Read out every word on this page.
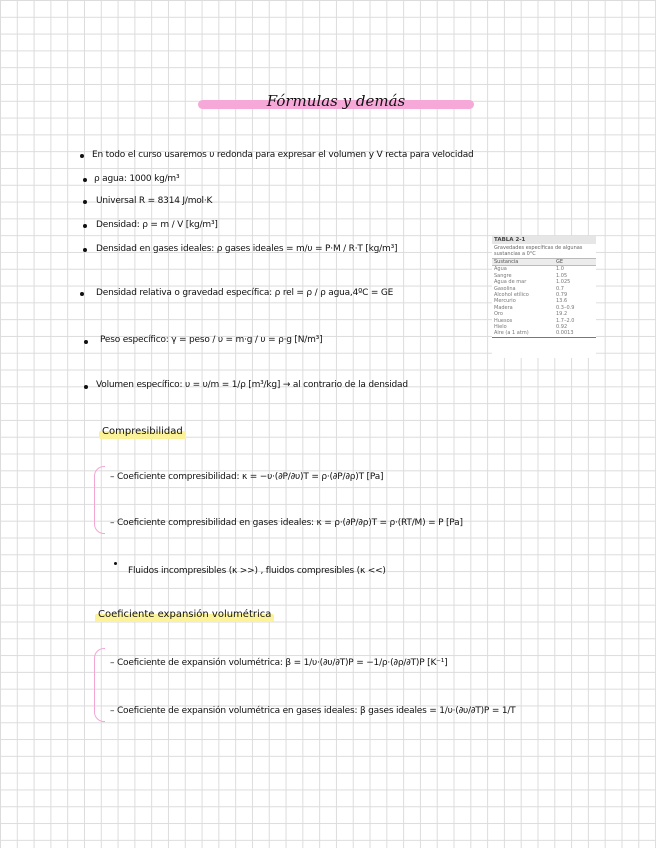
Fórmulas y demás
En todo el curso usaremos υ redonda para expresar el volumen y V recta para velocidad
ρ agua: 1000 kg/m³
Universal R = 8314 J/mol·K
Densidad: ρ = m / V [kg/m³]
Densidad en gases ideales: ρ gases ideales = m/υ = P·M / R·T [kg/m³]
Densidad relativa o gravedad específica: ρ rel = ρ / ρ agua,4ºC = GE
Peso específico: γ = peso / υ = m·g / υ = ρ·g [N/m³]
Volumen específico: υ = υ/m = 1/ρ [m³/kg] → al contrario de la densidad
TABLA 2-1
Gravedades específicas de algunas sustancias a 0°C
Sustancia	GE
Agua	1.0
Sangre	1.05
Agua de mar	1.025
Gasolina	0.7
Alcohol etílico	0.79
Mercurio	13.6
Madera	0.3–0.9
Oro	19.2
Huesos	1.7–2.0
Hielo	0.92
Aire (a 1 atm)	0.0013
Compresibilidad
– Coeficiente compresibilidad: κ = −υ·(∂P/∂υ)T = ρ·(∂P/∂ρ)T [Pa]
– Coeficiente compresibilidad en gases ideales: κ = ρ·(∂P/∂ρ)T = ρ·(RT/M) = P [Pa]
Fluidos incompresibles (κ >>) , fluidos compresibles (κ <<)
Coeficiente expansión volumétrica
– Coeficiente de expansión volumétrica: β = 1/υ·(∂υ/∂T)P = −1/ρ·(∂ρ/∂T)P [K⁻¹]
– Coeficiente de expansión volumétrica en gases ideales: β gases ideales = 1/υ·(∂υ/∂T)P = 1/T
